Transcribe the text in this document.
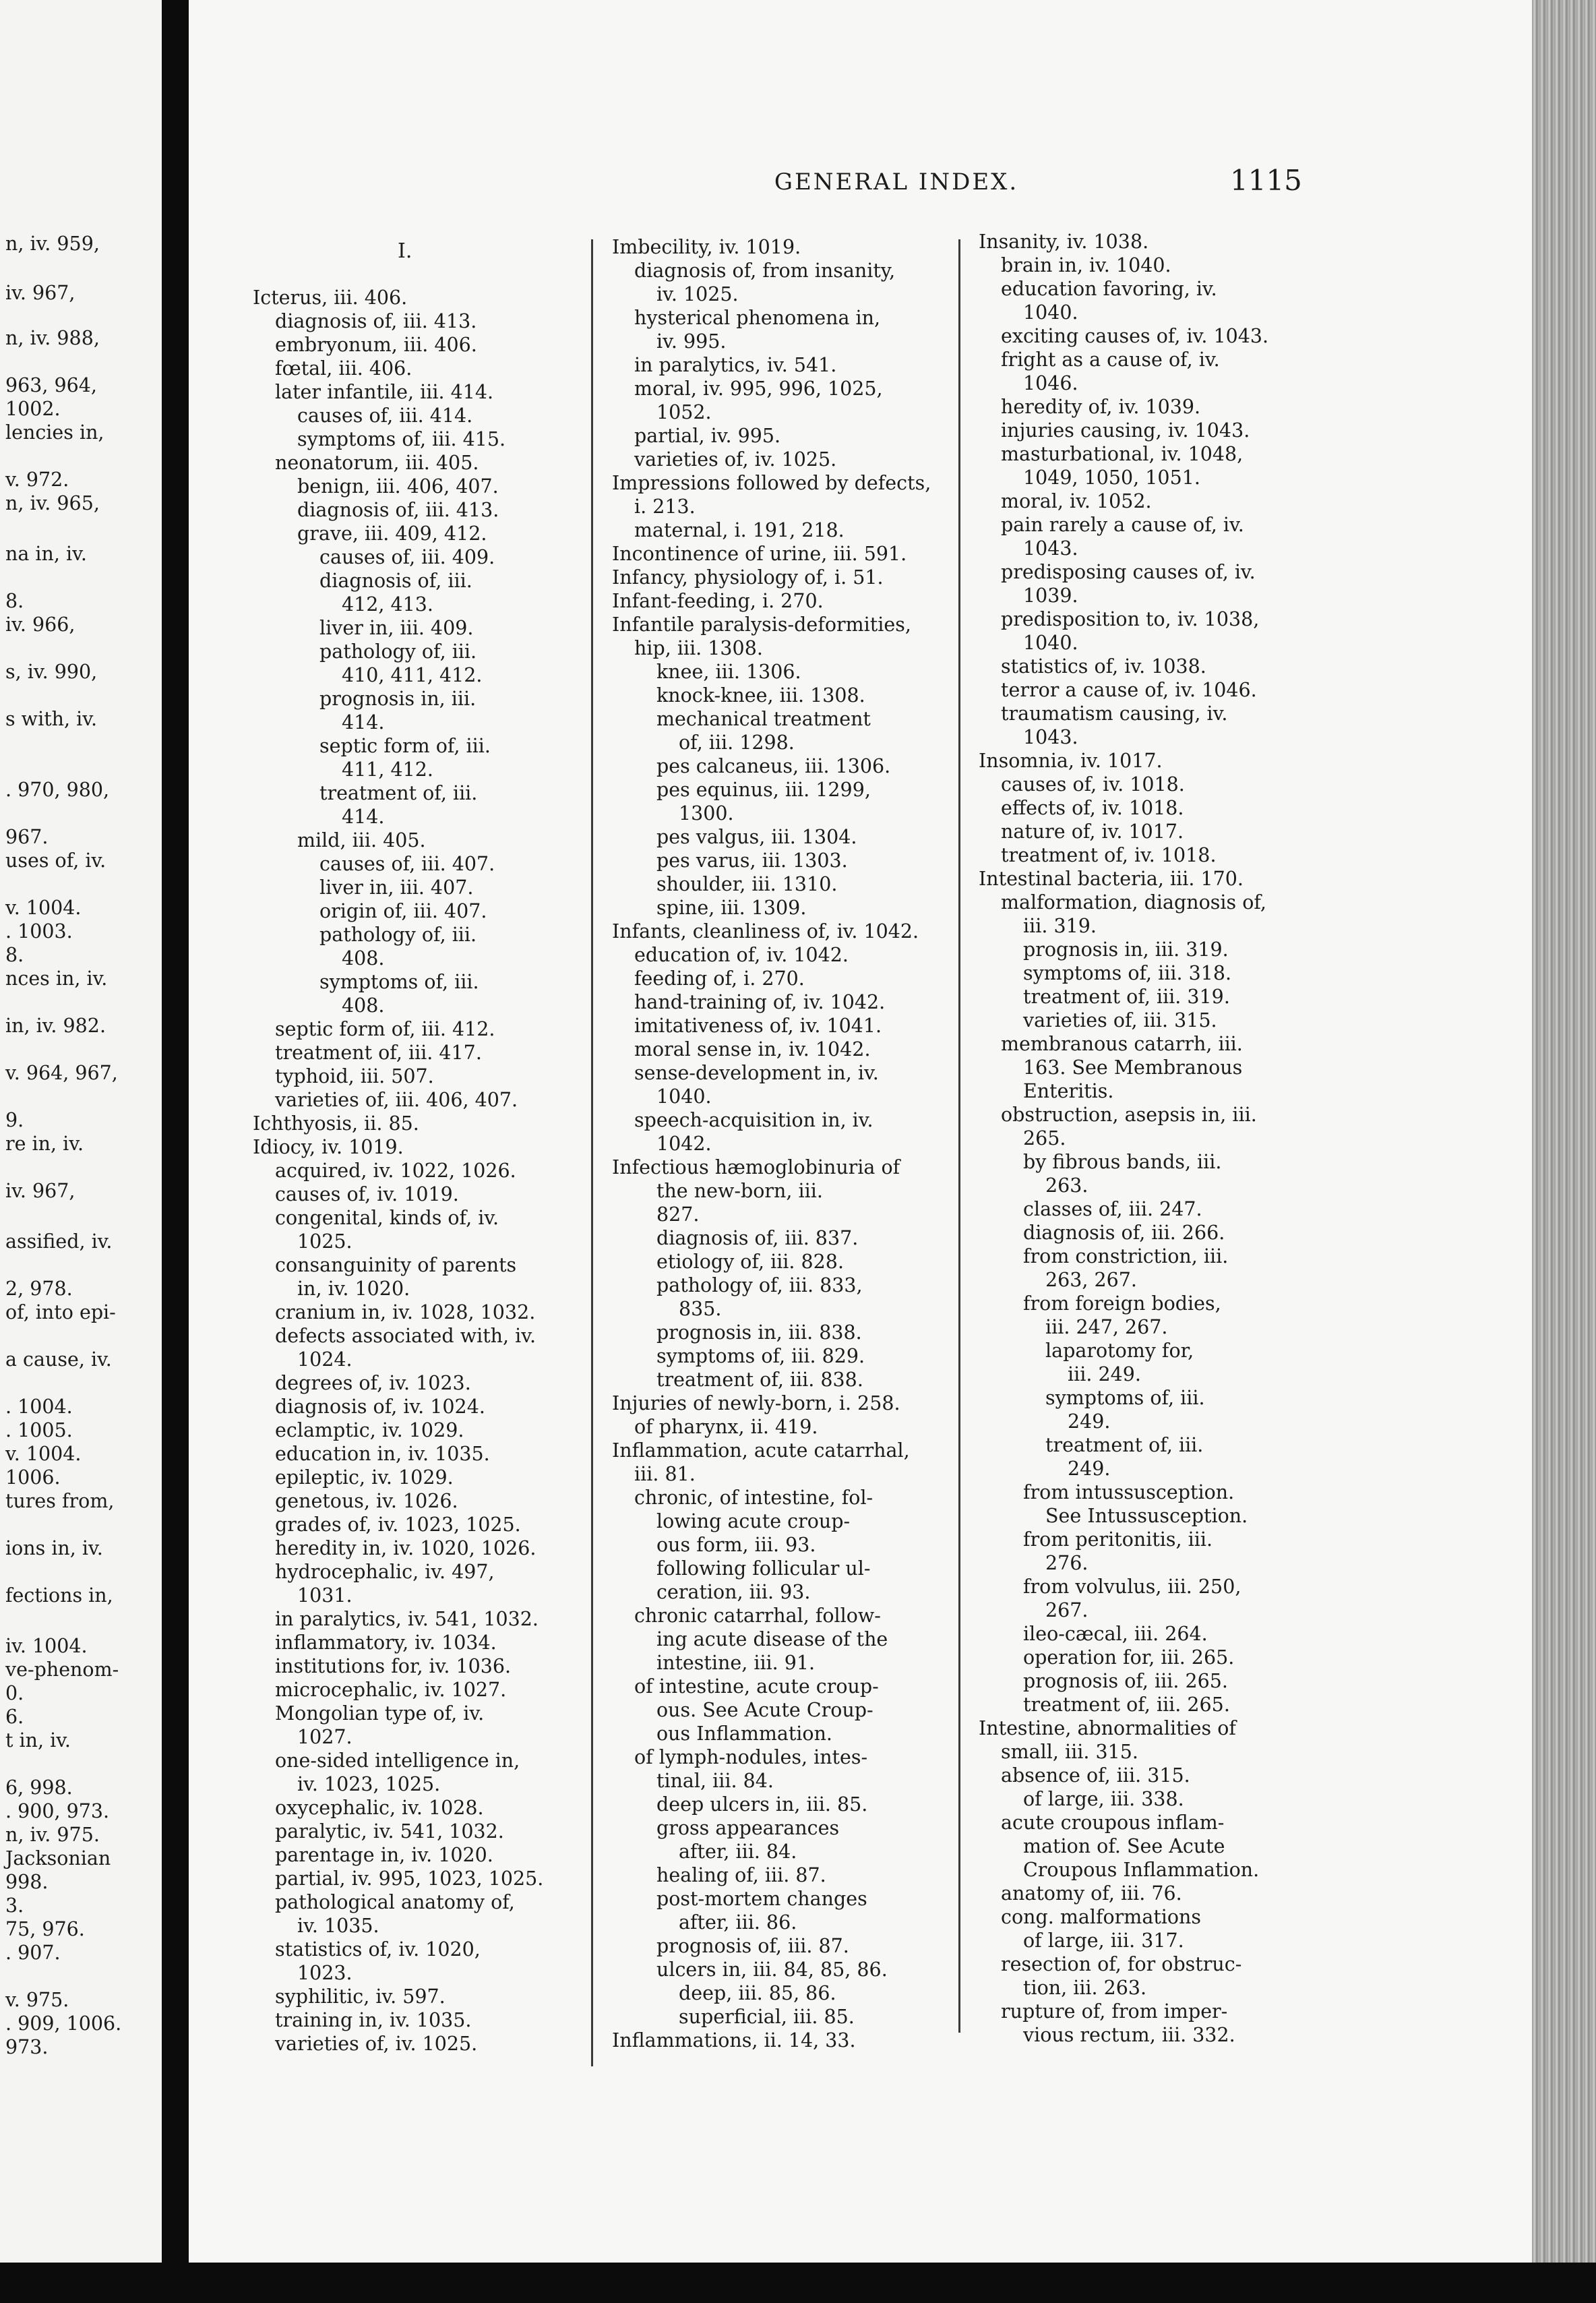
n, iv. 959,
iv. 967,
n, iv. 988,
963, 964,
1002.
lencies in,
v. 972.
n, iv. 965,
na in, iv.
8.
iv. 966,
s, iv. 990,
s with, iv.
. 970, 980,
967.
uses of, iv.
v. 1004.
. 1003.
8.
nces in, iv.
in, iv. 982.
v. 964, 967,
9.
re in, iv.
iv. 967,
assified, iv.
2, 978.
of, into epi-
a cause, iv.
. 1004.
. 1005.
v. 1004.
1006.
tures from,
ions in, iv.
fections in,
iv. 1004.
ve-phenom-
0.
6.
t in, iv.
6, 998.
. 900, 973.
n, iv. 975.
Jacksonian
998.
3.
75, 976.
. 907.
v. 975.
. 909, 1006.
973.
GENERAL INDEX.	1115
I.
Icterus, iii. 406.
diagnosis of, iii. 413.
embryonum, iii. 406.
fœtal, iii. 406.
later infantile, iii. 414.
causes of, iii. 414.
symptoms of, iii. 415.
neonatorum, iii. 405.
benign, iii. 406, 407.
diagnosis of, iii. 413.
grave, iii. 409, 412.
causes of, iii. 409.
diagnosis of, iii.
412, 413.
liver in, iii. 409.
pathology of, iii.
410, 411, 412.
prognosis in, iii.
414.
septic form of, iii.
411, 412.
treatment of, iii.
414.
mild, iii. 405.
causes of, iii. 407.
liver in, iii. 407.
origin of, iii. 407.
pathology of, iii.
408.
symptoms of, iii.
408.
septic form of, iii. 412.
treatment of, iii. 417.
typhoid, iii. 507.
varieties of, iii. 406, 407.
Ichthyosis, ii. 85.
Idiocy, iv. 1019.
acquired, iv. 1022, 1026.
causes of, iv. 1019.
congenital, kinds of, iv.
1025.
consanguinity of parents
in, iv. 1020.
cranium in, iv. 1028, 1032.
defects associated with, iv.
1024.
degrees of, iv. 1023.
diagnosis of, iv. 1024.
eclamptic, iv. 1029.
education in, iv. 1035.
epileptic, iv. 1029.
genetous, iv. 1026.
grades of, iv. 1023, 1025.
heredity in, iv. 1020, 1026.
hydrocephalic, iv. 497,
1031.
in paralytics, iv. 541, 1032.
inflammatory, iv. 1034.
institutions for, iv. 1036.
microcephalic, iv. 1027.
Mongolian type of, iv.
1027.
one-sided intelligence in,
iv. 1023, 1025.
oxycephalic, iv. 1028.
paralytic, iv. 541, 1032.
parentage in, iv. 1020.
partial, iv. 995, 1023, 1025.
pathological anatomy of,
iv. 1035.
statistics of, iv. 1020,
1023.
syphilitic, iv. 597.
training in, iv. 1035.
varieties of, iv. 1025.
Imbecility, iv. 1019.
diagnosis of, from insanity,
iv. 1025.
hysterical phenomena in,
iv. 995.
in paralytics, iv. 541.
moral, iv. 995, 996, 1025,
1052.
partial, iv. 995.
varieties of, iv. 1025.
Impressions followed by defects,
i. 213.
maternal, i. 191, 218.
Incontinence of urine, iii. 591.
Infancy, physiology of, i. 51.
Infant-feeding, i. 270.
Infantile paralysis-deformities,
hip, iii. 1308.
knee, iii. 1306.
knock-knee, iii. 1308.
mechanical treatment
of, iii. 1298.
pes calcaneus, iii. 1306.
pes equinus, iii. 1299,
1300.
pes valgus, iii. 1304.
pes varus, iii. 1303.
shoulder, iii. 1310.
spine, iii. 1309.
Infants, cleanliness of, iv. 1042.
education of, iv. 1042.
feeding of, i. 270.
hand-training of, iv. 1042.
imitativeness of, iv. 1041.
moral sense in, iv. 1042.
sense-development in, iv.
1040.
speech-acquisition in, iv.
1042.
Infectious hæmoglobinuria of
the new-born, iii.
827.
diagnosis of, iii. 837.
etiology of, iii. 828.
pathology of, iii. 833,
835.
prognosis in, iii. 838.
symptoms of, iii. 829.
treatment of, iii. 838.
Injuries of newly-born, i. 258.
of pharynx, ii. 419.
Inflammation, acute catarrhal,
iii. 81.
chronic, of intestine, fol-
lowing acute croup-
ous form, iii. 93.
following follicular ul-
ceration, iii. 93.
chronic catarrhal, follow-
ing acute disease of the
intestine, iii. 91.
of intestine, acute croup-
ous. See Acute Croup-
ous Inflammation.
of lymph-nodules, intes-
tinal, iii. 84.
deep ulcers in, iii. 85.
gross appearances
after, iii. 84.
healing of, iii. 87.
post-mortem changes
after, iii. 86.
prognosis of, iii. 87.
ulcers in, iii. 84, 85, 86.
deep, iii. 85, 86.
superficial, iii. 85.
Inflammations, ii. 14, 33.
Insanity, iv. 1038.
brain in, iv. 1040.
education favoring, iv.
1040.
exciting causes of, iv. 1043.
fright as a cause of, iv.
1046.
heredity of, iv. 1039.
injuries causing, iv. 1043.
masturbational, iv. 1048,
1049, 1050, 1051.
moral, iv. 1052.
pain rarely a cause of, iv.
1043.
predisposing causes of, iv.
1039.
predisposition to, iv. 1038,
1040.
statistics of, iv. 1038.
terror a cause of, iv. 1046.
traumatism causing, iv.
1043.
Insomnia, iv. 1017.
causes of, iv. 1018.
effects of, iv. 1018.
nature of, iv. 1017.
treatment of, iv. 1018.
Intestinal bacteria, iii. 170.
malformation, diagnosis of,
iii. 319.
prognosis in, iii. 319.
symptoms of, iii. 318.
treatment of, iii. 319.
varieties of, iii. 315.
membranous catarrh, iii.
163. See Membranous
Enteritis.
obstruction, asepsis in, iii.
265.
by fibrous bands, iii.
263.
classes of, iii. 247.
diagnosis of, iii. 266.
from constriction, iii.
263, 267.
from foreign bodies,
iii. 247, 267.
laparotomy for,
iii. 249.
symptoms of, iii.
249.
treatment of, iii.
249.
from intussusception.
See Intussusception.
from peritonitis, iii.
276.
from volvulus, iii. 250,
267.
ileo-cæcal, iii. 264.
operation for, iii. 265.
prognosis of, iii. 265.
treatment of, iii. 265.
Intestine, abnormalities of
small, iii. 315.
absence of, iii. 315.
of large, iii. 338.
acute croupous inflam-
mation of. See Acute
Croupous Inflammation.
anatomy of, iii. 76.
cong. malformations
of large, iii. 317.
resection of, for obstruc-
tion, iii. 263.
rupture of, from imper-
vious rectum, iii. 332.
